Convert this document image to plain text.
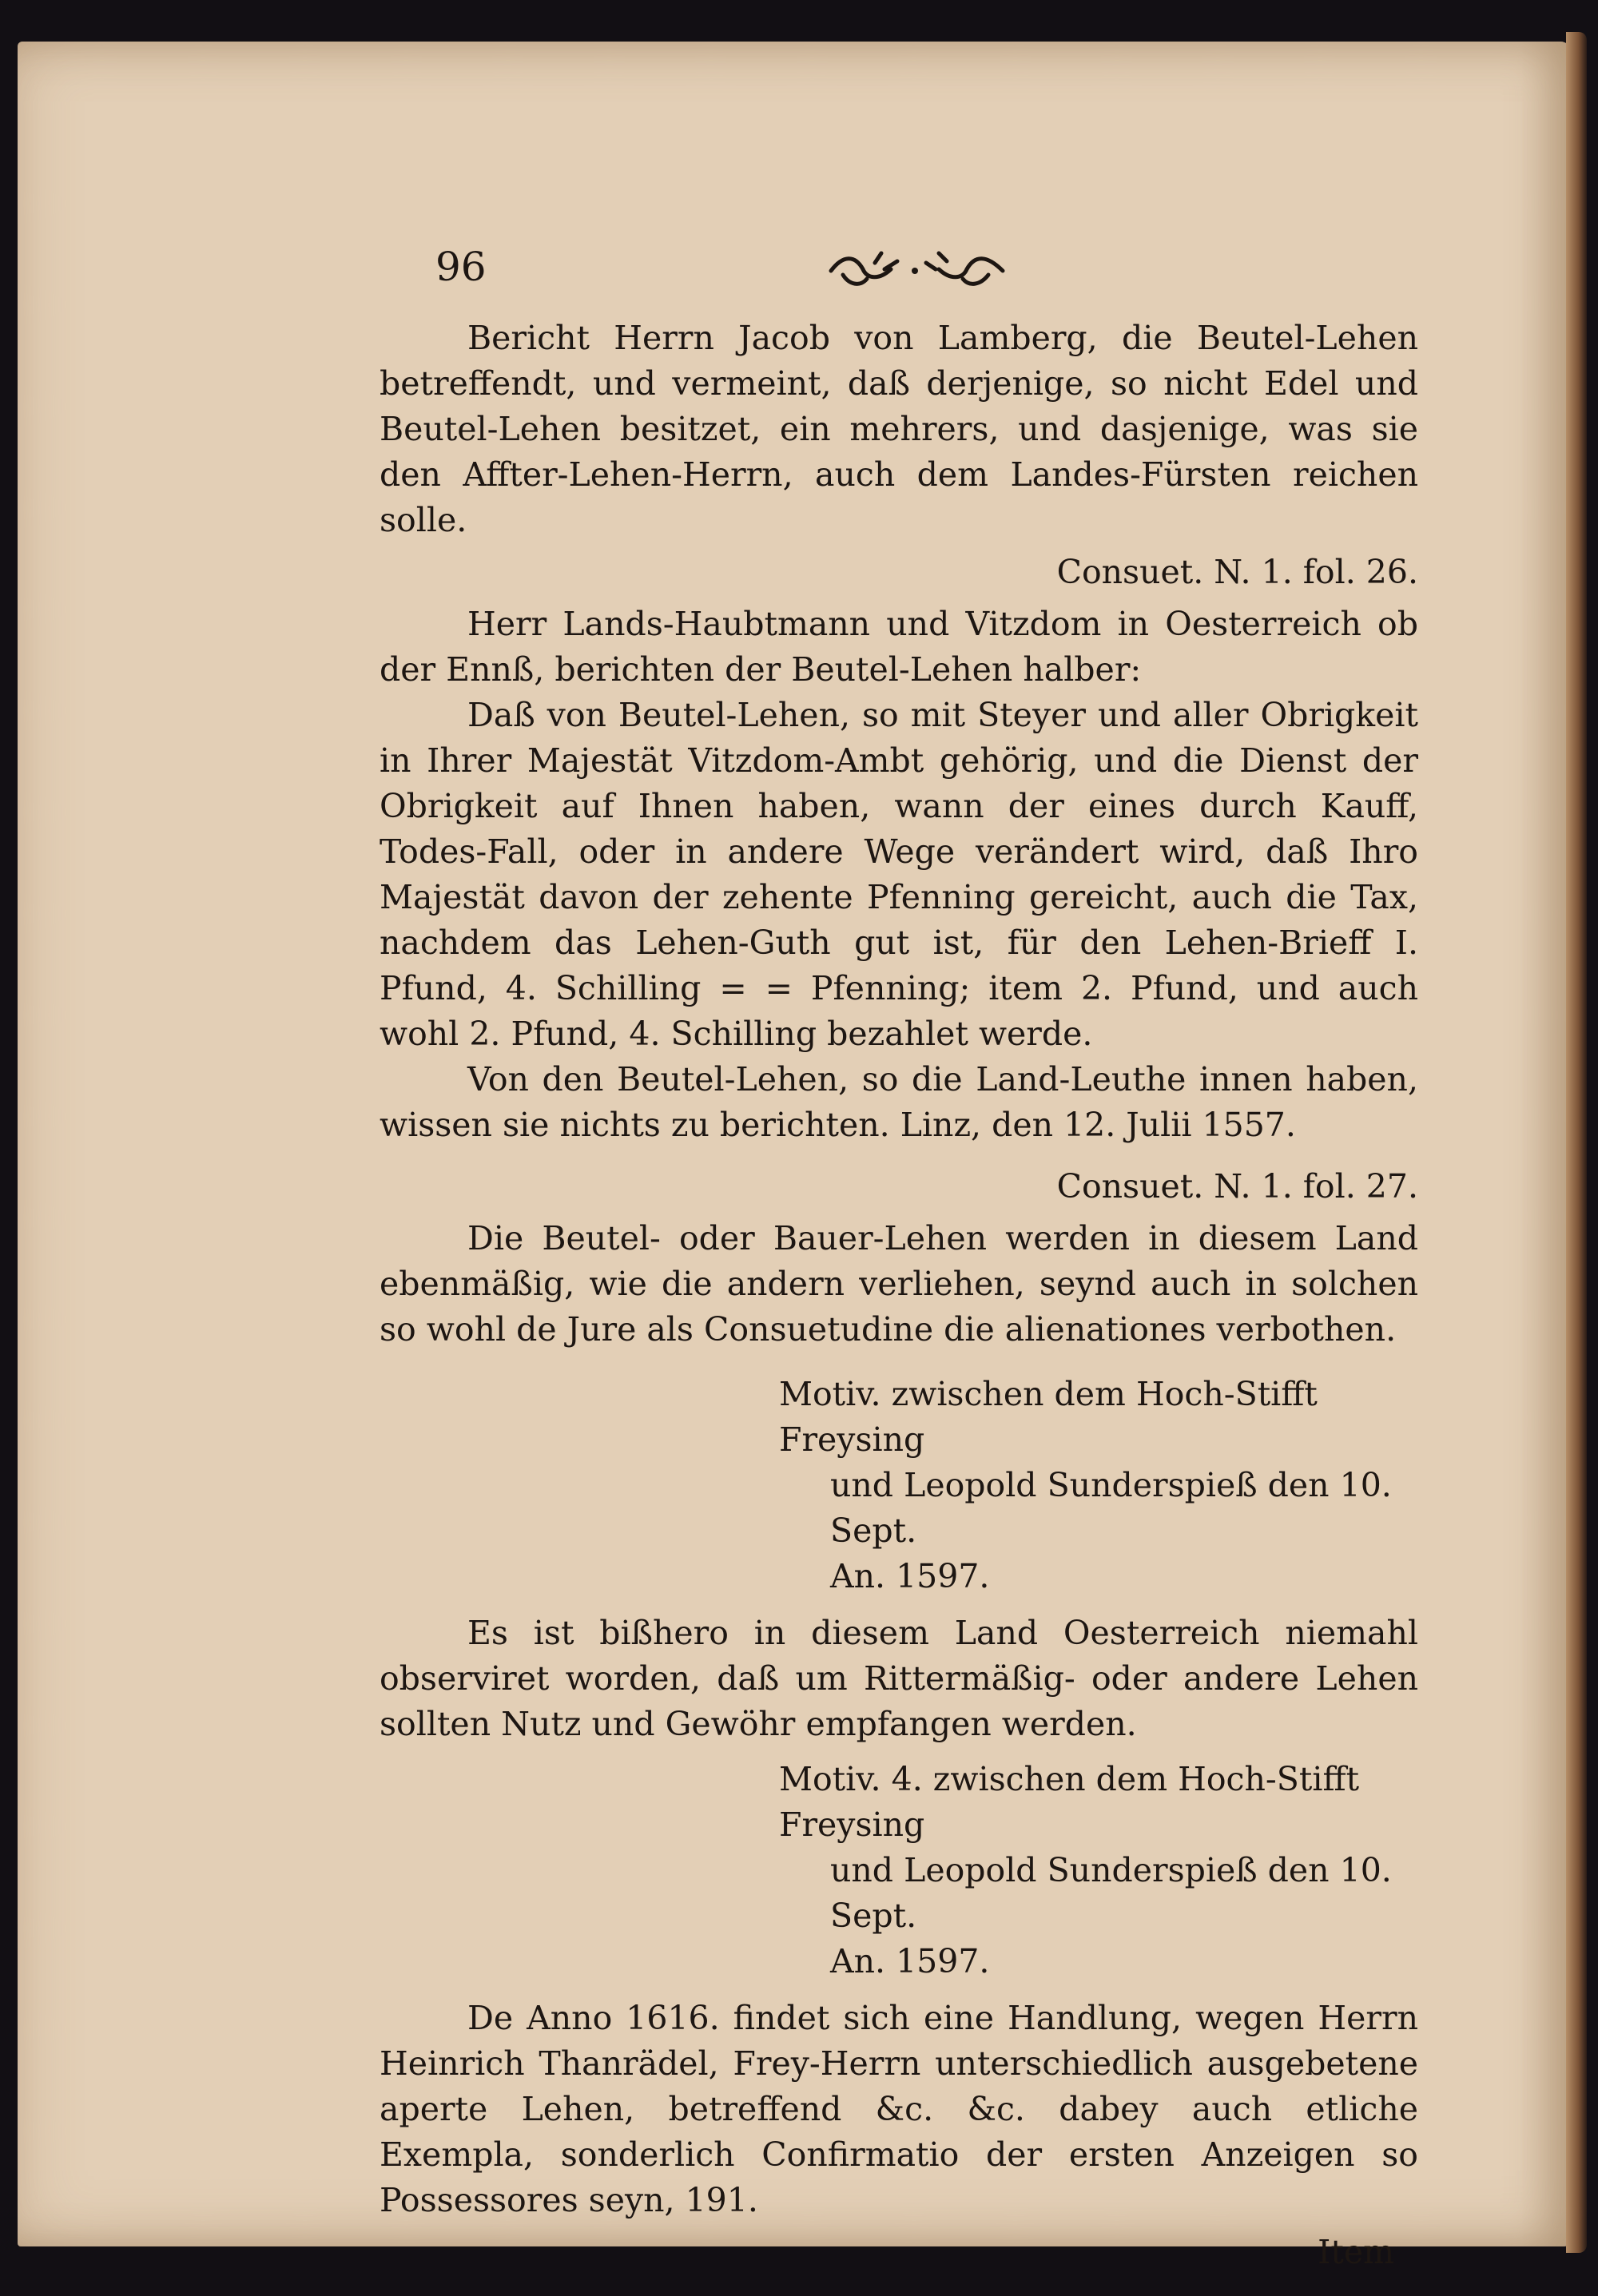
96

Bericht Herrn Jacob von Lamberg, die Beutel-Lehen betreffendt, und vermeint, daß derjenige, so nicht Edel und Beutel-Lehen besitzet, ein mehrers, und dasjenige, was sie den Affter-Lehen-Herrn, auch dem Landes-Fürsten reichen solle.

Consuet. N. 1. fol. 26.

Herr Lands-Haubtmann und Vitzdom in Oesterreich ob der Ennß, berichten der Beutel-Lehen halber:

Daß von Beutel-Lehen, so mit Steyer und aller Obrigkeit in Ihrer Majestät Vitzdom-Ambt gehörig, und die Dienst der Obrigkeit auf Ihnen haben, wann der eines durch Kauff, Todes-Fall, oder in andere Wege verändert wird, daß Ihro Majestät davon der zehente Pfenning gereicht, auch die Tax, nachdem das Lehen-Guth gut ist, für den Lehen-Brieff I. Pfund, 4. Schilling = = Pfenning; item 2. Pfund, und auch wohl 2. Pfund, 4. Schilling bezahlet werde.

Von den Beutel-Lehen, so die Land-Leuthe innen haben, wissen sie nichts zu berichten. Linz, den 12. Julii 1557.

Consuet. N. 1. fol. 27.

Die Beutel- oder Bauer-Lehen werden in diesem Land ebenmäßig, wie die andern verliehen, seynd auch in solchen so wohl de Jure als Consuetudine die alienationes verbothen.

Motiv. zwischen dem Hoch-Stifft Freysing

und Leopold Sunderspieß den 10. Sept.
An. 1597.

Es ist bißhero in diesem Land Oesterreich niemahl observiret worden, daß um Rittermäßig- oder andere Lehen sollten Nutz und Gewöhr empfangen werden.

Motiv. 4. zwischen dem Hoch-Stifft Freysing

und Leopold Sunderspieß den 10. Sept.
An. 1597.

De Anno 1616. findet sich eine Handlung, wegen Herrn Heinrich Thanrädel, Frey-Herrn unterschiedlich ausgebetene aperte Lehen, betreffend &c. &c. dabey auch etliche Exempla, sonderlich Confirmatio der ersten Anzeigen so Possessores seyn, 191.

Item
